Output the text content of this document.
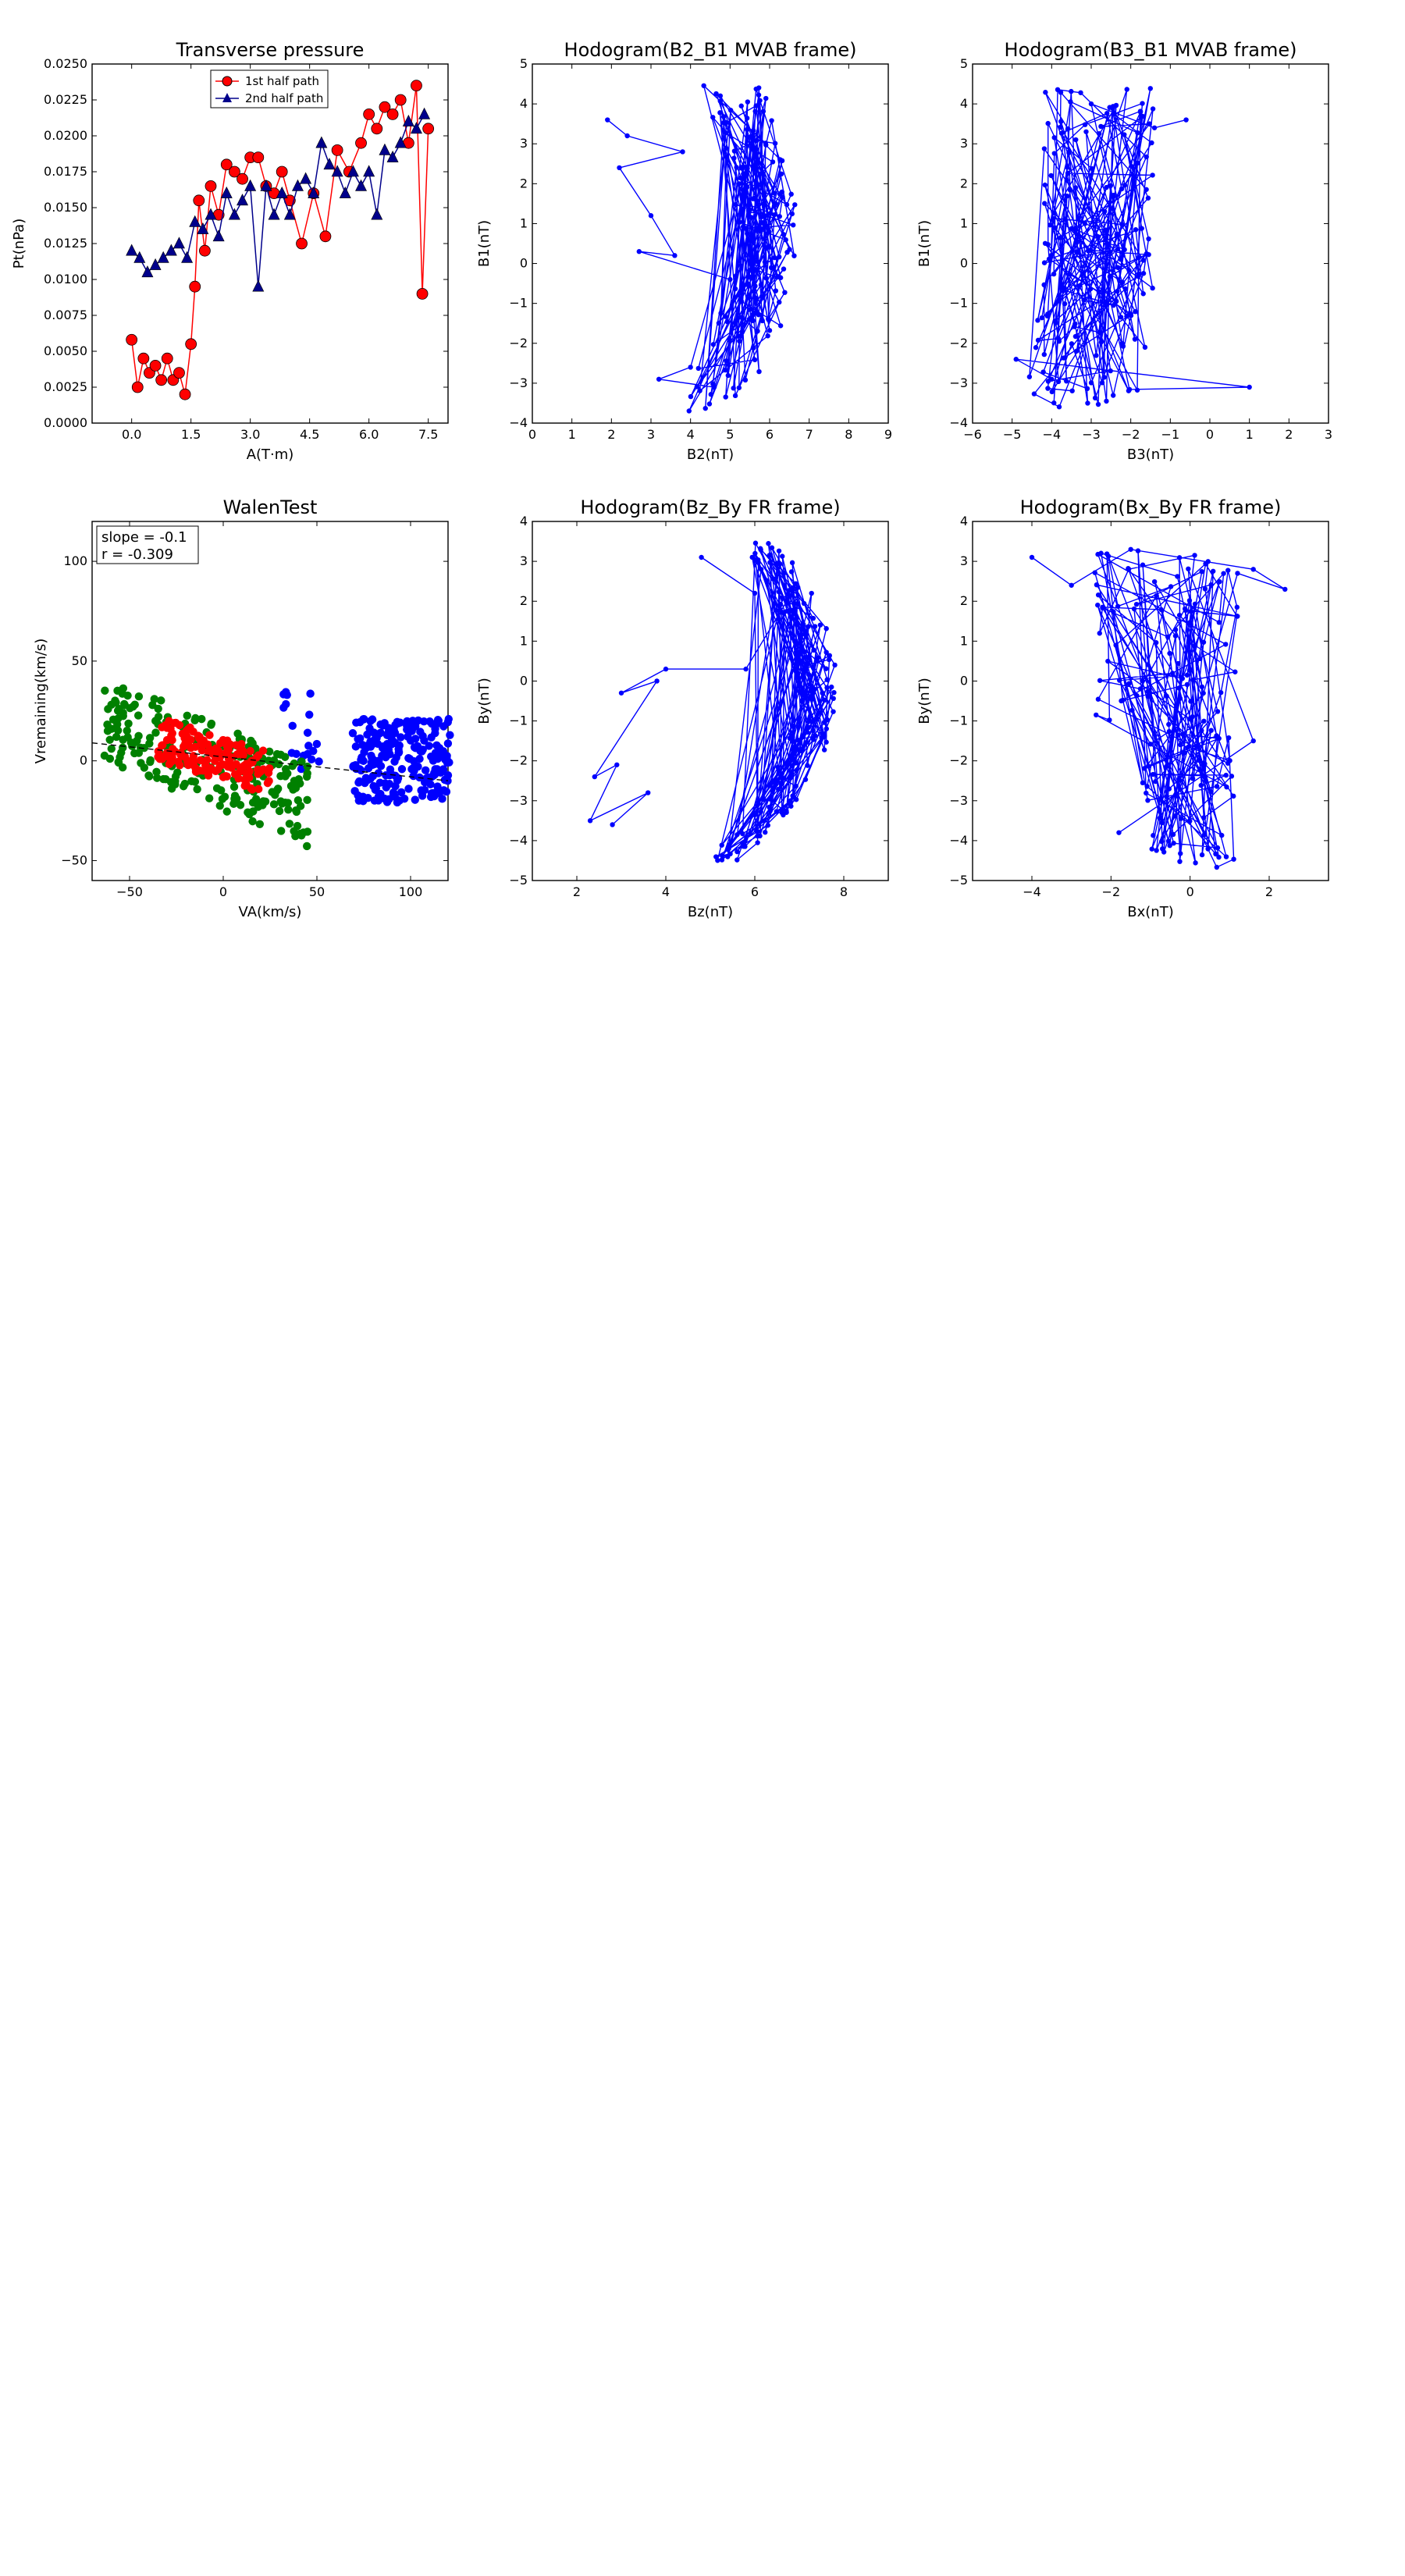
Transverse pressure
0.0000
0.0025
0.0050
0.0075
0.0100
0.0125
0.0150
0.0175
0.0200
0.0225
0.0250
0.0	1.5	3.0	4.5	6.0	7.5
A(T·m)
Pt(nPa)
1st half path
2nd half path
Hodogram(B2_B1 MVAB frame)
−4
−3
−2
−1
0
1
2
3
4
5
0	1	2	3	4	5	6	7	8	9
B2(nT)
B1(nT)
Hodogram(B3_B1 MVAB frame)
−4
−3
−2
−1
0
1
2
3
4
5
−6 −5 −4 −3 −2 −1 0	1	2	3
B3(nT)
B1(nT)
WalenTest
−50
0
50
100
−50	0	50	100
VA(km/s)
Vremaining(km/s)
slope = -0.1
r = -0.309
Hodogram(Bz_By FR frame)
−5
−4
−3
−2
−1
0
1
2
3
4
2	4	6	8
Bz(nT)
By(nT)
Hodogram(Bx_By FR frame)
−5
−4
−3
−2
−1
0
1
2
3
4
−4	−2	0	2
Bx(nT)
By(nT)
